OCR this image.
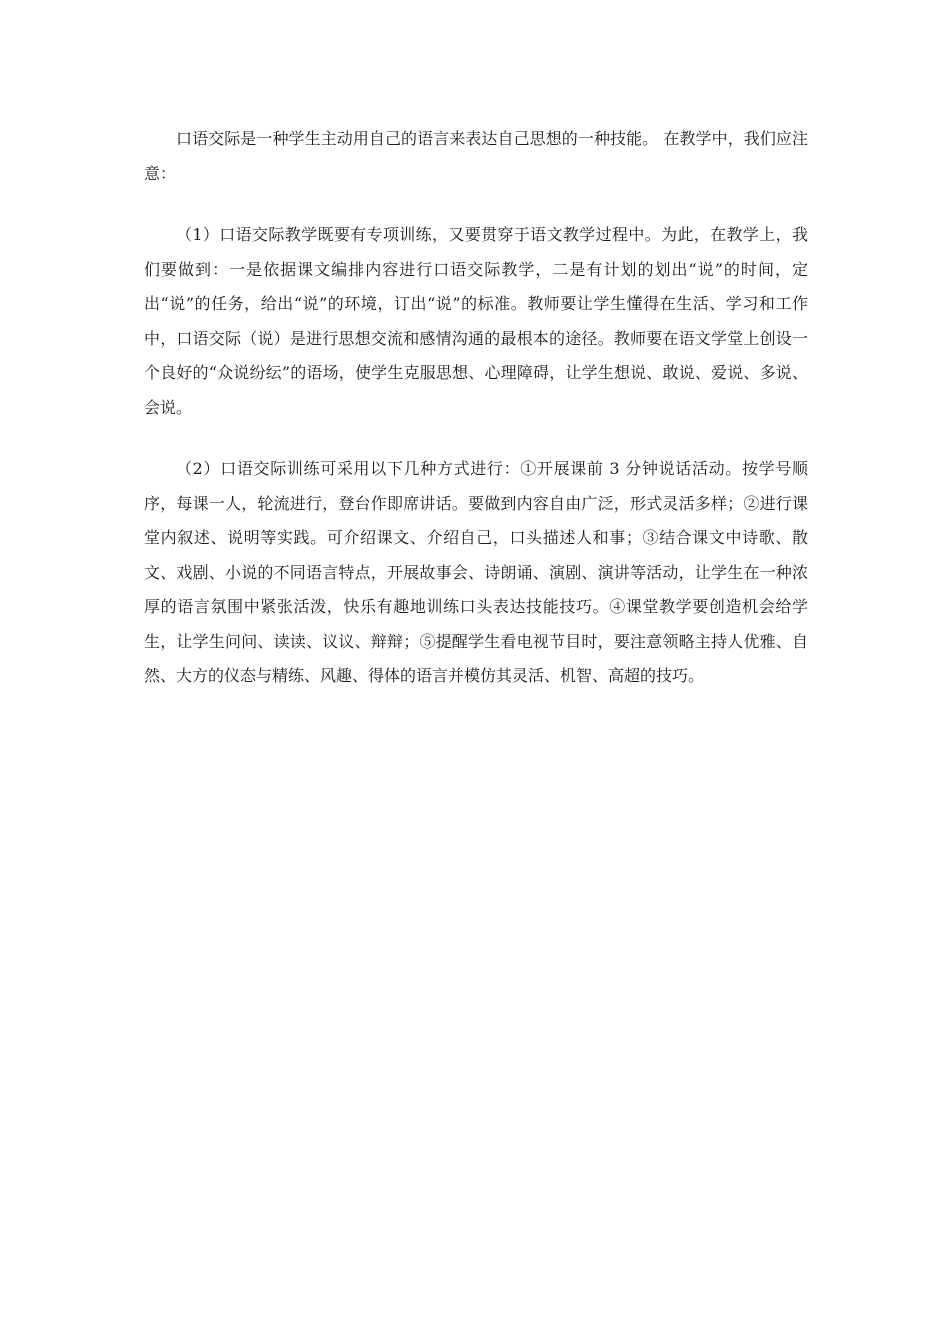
口语交际是一种学生主动用自己的语言来表达自己思想的一种技能。 在教学中，我们应注意：

（1）口语交际教学既要有专项训练，又要贯穿于语文教学过程中。为此，在教学上，我们要做到：一是依据课文编排内容进行口语交际教学，二是有计划的划出“说”的时间，定出“说”的任务，给出“说”的环境，订出“说”的标准。教师要让学生懂得在生活、学习和工作中，口语交际（说）是进行思想交流和感情沟通的最根本的途径。教师要在语文学堂上创设一个良好的“众说纷纭”的语场，使学生克服思想、心理障碍，让学生想说、敢说、爱说、多说、会说。

（2）口语交际训练可采用以下几种方式进行：①开展课前 3 分钟说话活动。按学号顺序，每课一人，轮流进行，登台作即席讲话。要做到内容自由广泛，形式灵活多样；②进行课堂内叙述、说明等实践。可介绍课文、介绍自己，口头描述人和事；③结合课文中诗歌、散文、戏剧、小说的不同语言特点，开展故事会、诗朗诵、演剧、演讲等活动，让学生在一种浓厚的语言氛围中紧张活泼，快乐有趣地训练口头表达技能技巧。④课堂教学要创造机会给学生，让学生问问、读读、议议、辩辩；⑤提醒学生看电视节目时，要注意领略主持人优雅、自然、大方的仪态与精练、风趣、得体的语言并模仿其灵活、机智、高超的技巧。
